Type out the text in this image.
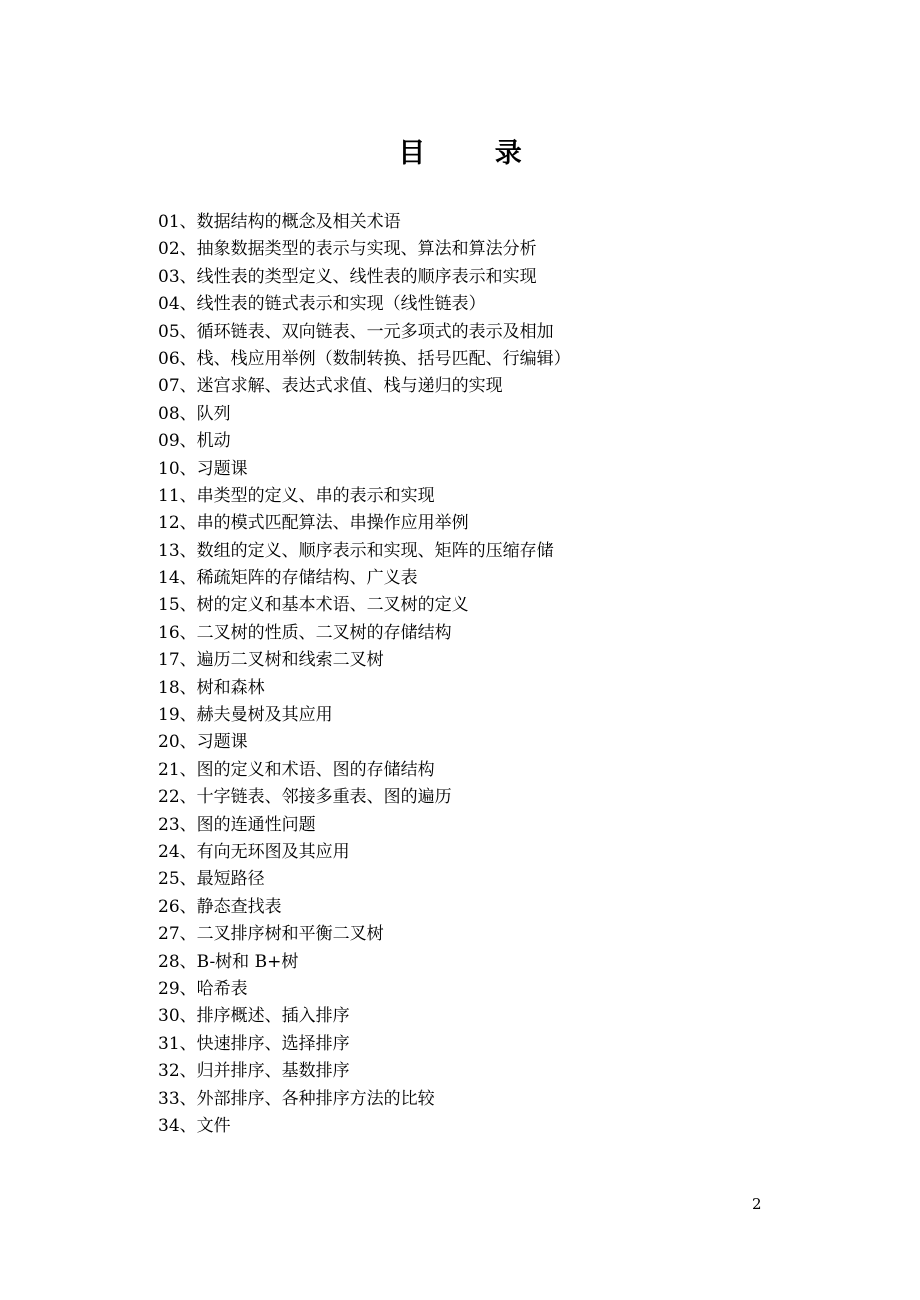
目 录
01、数据结构的概念及相关术语
02、抽象数据类型的表示与实现、算法和算法分析
03、线性表的类型定义、线性表的顺序表示和实现
04、线性表的链式表示和实现（线性链表）
05、循环链表、双向链表、一元多项式的表示及相加
06、栈、栈应用举例（数制转换、括号匹配、行编辑）
07、迷宫求解、表达式求值、栈与递归的实现
08、队列
09、机动
10、习题课
11、串类型的定义、串的表示和实现
12、串的模式匹配算法、串操作应用举例
13、数组的定义、顺序表示和实现、矩阵的压缩存储
14、稀疏矩阵的存储结构、广义表
15、树的定义和基本术语、二叉树的定义
16、二叉树的性质、二叉树的存储结构
17、遍历二叉树和线索二叉树
18、树和森林
19、赫夫曼树及其应用
20、习题课
21、图的定义和术语、图的存储结构
22、十字链表、邻接多重表、图的遍历
23、图的连通性问题
24、有向无环图及其应用
25、最短路径
26、静态查找表
27、二叉排序树和平衡二叉树
28、B-树和 B+树
29、哈希表
30、排序概述、插入排序
31、快速排序、选择排序
32、归并排序、基数排序
33、外部排序、各种排序方法的比较
34、文件
2
